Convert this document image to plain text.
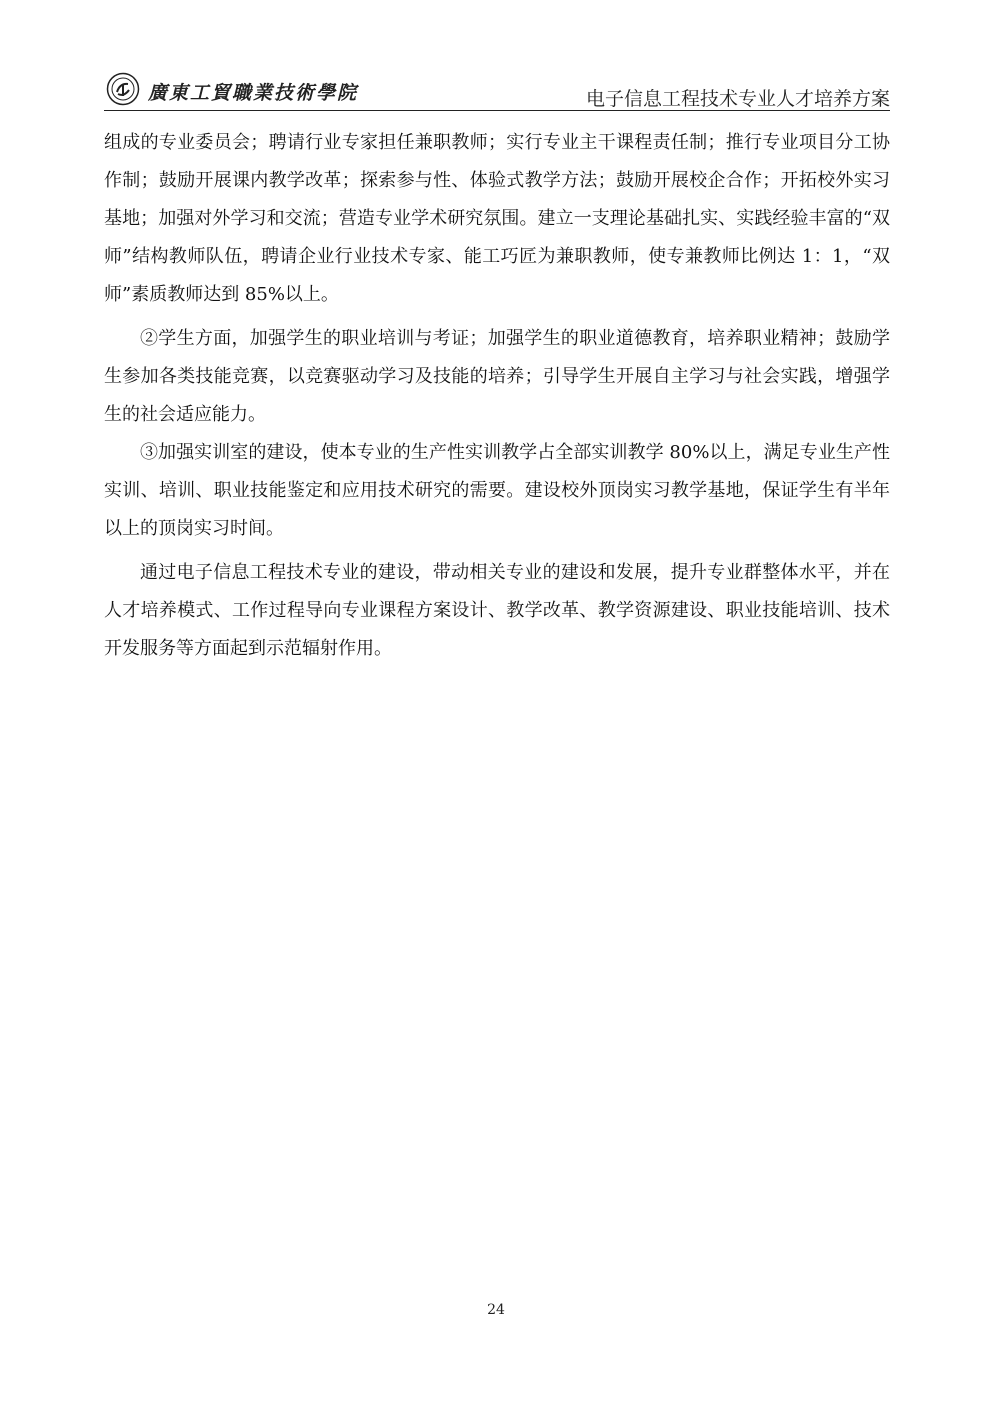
廣東工貿職業技術學院	电子信息工程技术专业人才培养方案

组成的专业委员会；聘请行业专家担任兼职教师；实行专业主干课程责任制；推行专业项目分工协作制；鼓励开展课内教学改革；探索参与性、体验式教学方法；鼓励开展校企合作；开拓校外实习基地；加强对外学习和交流；营造专业学术研究氛围。建立一支理论基础扎实、实践经验丰富的“双师”结构教师队伍，聘请企业行业技术专家、能工巧匠为兼职教师，使专兼教师比例达 1：1，“双师”素质教师达到 85%以上。

②学生方面，加强学生的职业培训与考证；加强学生的职业道德教育，培养职业精神；鼓励学生参加各类技能竞赛，以竞赛驱动学习及技能的培养；引导学生开展自主学习与社会实践，增强学生的社会适应能力。

③加强实训室的建设，使本专业的生产性实训教学占全部实训教学 80%以上，满足专业生产性实训、培训、职业技能鉴定和应用技术研究的需要。建设校外顶岗实习教学基地，保证学生有半年以上的顶岗实习时间。

通过电子信息工程技术专业的建设，带动相关专业的建设和发展，提升专业群整体水平，并在人才培养模式、工作过程导向专业课程方案设计、教学改革、教学资源建设、职业技能培训、技术开发服务等方面起到示范辐射作用。

24
